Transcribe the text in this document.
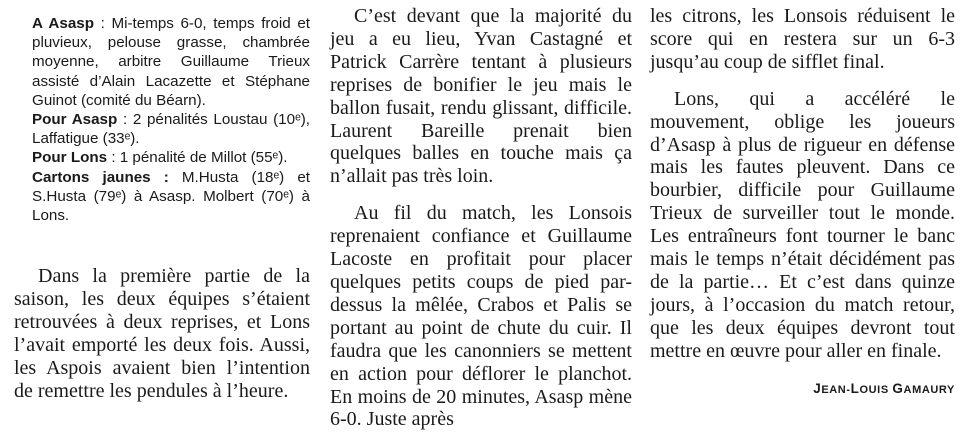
A Asasp : Mi-temps 6-0, temps froid et pluvieux, pelouse grasse, chambrée moyenne, arbitre Guillaume Trieux assisté d’Alain Lacazette et Stéphane Guinot (comité du Béarn).

Pour Asasp : 2 pénalités Loustau (10ᵉ), Laffatigue (33ᵉ).

Pour Lons : 1 pénalité de Millot (55ᵉ).

Cartons jaunes : M.Husta (18ᵉ) et S.Husta (79ᵉ) à Asasp. Molbert (70ᵉ) à Lons.

Dans la première partie de la saison, les deux équipes s’étaient retrouvées à deux reprises, et Lons l’avait emporté les deux fois. Aussi, les Aspois avaient bien l’intention de remettre les pendules à l’heure.

C’est devant que la majorité du jeu a eu lieu, Yvan Castagné et Patrick Carrère tentant à plusieurs reprises de bonifier le jeu mais le ballon fusait, rendu glissant, difficile. Laurent Bareille prenait bien quelques balles en touche mais ça n’allait pas très loin.

Au fil du match, les Lonsois reprenaient confiance et Guillaume Lacoste en profitait pour placer quelques petits coups de pied par-dessus la mêlée, Crabos et Palis se portant au point de chute du cuir. Il faudra que les canonniers se mettent en action pour déflorer le planchot. En moins de 20 minutes, Asasp mène 6-0. Juste après

les citrons, les Lonsois réduisent le score qui en restera sur un 6-3 jusqu’au coup de sifflet final.

Lons, qui a accéléré le mouvement, oblige les joueurs d’Asasp à plus de rigueur en défense mais les fautes pleuvent. Dans ce bourbier, difficile pour Guillaume Trieux de surveiller tout le monde. Les entraîneurs font tourner le banc mais le temps n’était décidément pas de la partie… Et c’est dans quinze jours, à l’occasion du match retour, que les deux équipes devront tout mettre en œuvre pour aller en finale.

JEAN-LOUIS GAMAURY
